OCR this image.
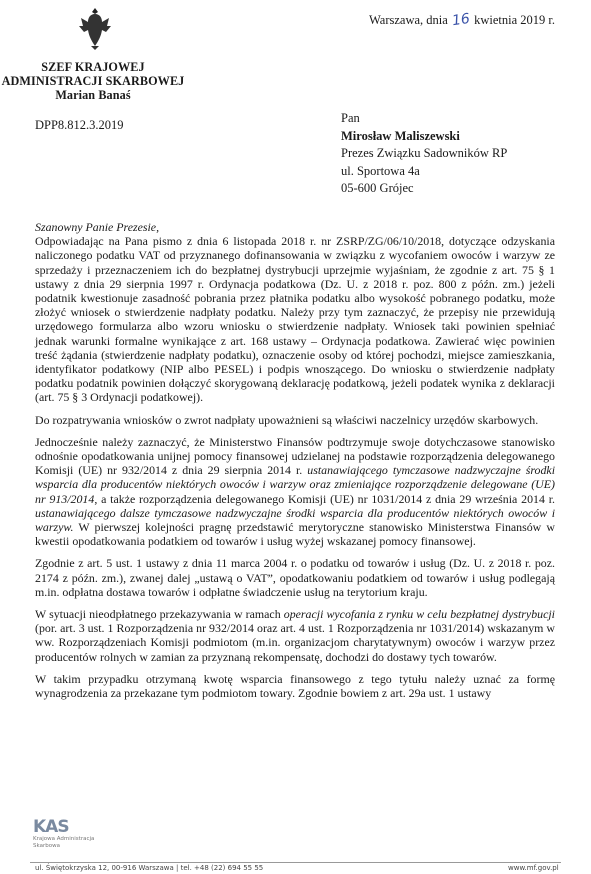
SZEF KRAJOWEJ
ADMINISTRACJI SKARBOWEJ
Marian Banaś
DPP8.812.3.2019
Warszawa, dnia 16 kwietnia 2019 r.
Pan
Mirosław Maliszewski
Prezes Związku Sadowników RP
ul. Sportowa 4a
05-600 Grójec

Szanowny Panie Prezesie,

Odpowiadając na Pana pismo z dnia 6 listopada 2018 r. nr ZSRP/ZG/06/10/2018, dotyczące odzyskania naliczonego podatku VAT od przyznanego dofinansowania w związku z wycofaniem owoców i warzyw ze sprzedaży i przeznaczeniem ich do bezpłatnej dystrybucji uprzejmie wyjaśniam, że zgodnie z art. 75 § 1 ustawy z dnia 29 sierpnia 1997 r. Ordynacja podatkowa (Dz. U. z 2018 r. poz. 800 z późn. zm.) jeżeli podatnik kwestionuje zasadność pobrania przez płatnika podatku albo wysokość pobranego podatku, może złożyć wniosek o stwierdzenie nadpłaty podatku. Należy przy tym zaznaczyć, że przepisy nie przewidują urzędowego formularza albo wzoru wniosku o stwierdzenie nadpłaty. Wniosek taki powinien spełniać jednak warunki formalne wynikające z art. 168 ustawy – Ordynacja podatkowa. Zawierać więc powinien treść żądania (stwierdzenie nadpłaty podatku), oznaczenie osoby od której pochodzi, miejsce zamieszkania, identyfikator podatkowy (NIP albo PESEL) i podpis wnoszącego. Do wniosku o stwierdzenie nadpłaty podatku podatnik powinien dołączyć skorygowaną deklarację podatkową, jeżeli podatek wynika z deklaracji (art. 75 § 3 Ordynacji podatkowej).

Do rozpatrywania wniosków o zwrot nadpłaty upoważnieni są właściwi naczelnicy urzędów skarbowych.

Jednocześnie należy zaznaczyć, że Ministerstwo Finansów podtrzymuje swoje dotychczasowe stanowisko odnośnie opodatkowania unijnej pomocy finansowej udzielanej na podstawie rozporządzenia delegowanego Komisji (UE) nr 932/2014 z dnia 29 sierpnia 2014 r. ustanawiającego tymczasowe nadzwyczajne środki wsparcia dla producentów niektórych owoców i warzyw oraz zmieniające rozporządzenie delegowane (UE) nr 913/2014, a także rozporządzenia delegowanego Komisji (UE) nr 1031/2014 z dnia 29 września 2014 r. ustanawiającego dalsze tymczasowe nadzwyczajne środki wsparcia dla producentów niektórych owoców i warzyw. W pierwszej kolejności pragnę przedstawić merytoryczne stanowisko Ministerstwa Finansów w kwestii opodatkowania podatkiem od towarów i usług wyżej wskazanej pomocy finansowej.

Zgodnie z art. 5 ust. 1 ustawy z dnia 11 marca 2004 r. o podatku od towarów i usług (Dz. U. z 2018 r. poz. 2174 z późn. zm.), zwanej dalej „ustawą o VAT”, opodatkowaniu podatkiem od towarów i usług podlegają m.in. odpłatna dostawa towarów i odpłatne świadczenie usług na terytorium kraju.

W sytuacji nieodpłatnego przekazywania w ramach operacji wycofania z rynku w celu bezpłatnej dystrybucji (por. art. 3 ust. 1 Rozporządzenia nr 932/2014 oraz art. 4 ust. 1 Rozporządzenia nr 1031/2014) wskazanym w ww. Rozporządzeniach Komisji podmiotom (m.in. organizacjom charytatywnym) owoców i warzyw przez producentów rolnych w zamian za przyznaną rekompensatę, dochodzi do dostawy tych towarów.

W takim przypadku otrzymaną kwotę wsparcia finansowego z tego tytułu należy uznać za formę wynagrodzenia za przekazane tym podmiotom towary. Zgodnie bowiem z art. 29a ust. 1 ustawy

KAS
Krajowa Administracja Skarbowa
ul. Świętokrzyska 12, 00-916 Warszawa | tel. +48 (22) 694 55 55	www.mf.gov.pl
